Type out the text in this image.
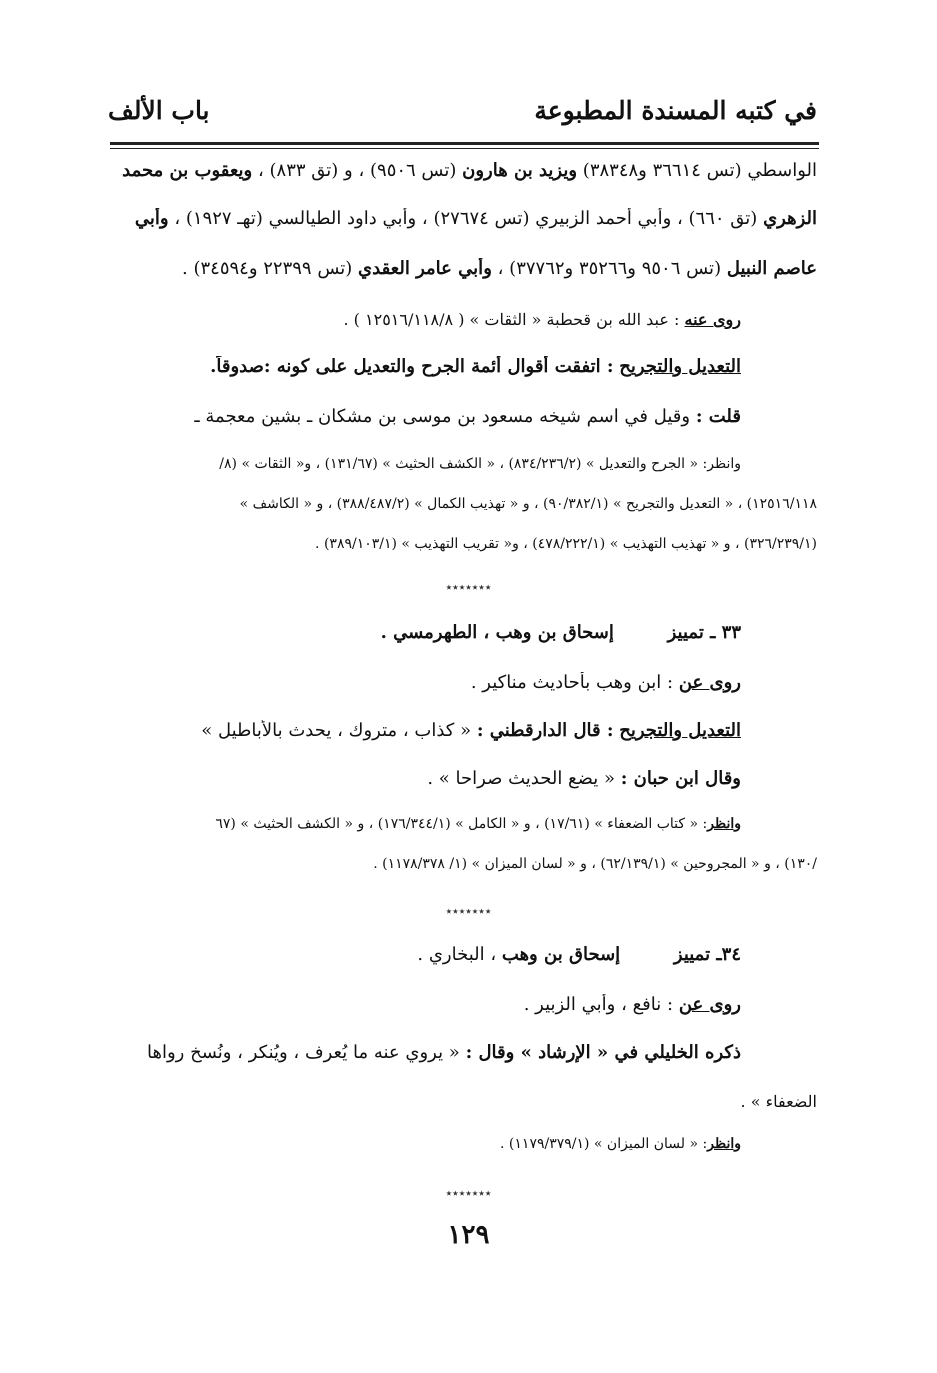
في كتبه المسندة المطبوعة
باب الألف
الواسطي (تس ٣٦٦١٤ و٣٨٣٤٨) ويزيد بن هارون (تس ٩٥٠٦) ، و (تق ٨٣٣) ، ويعقوب بن محمد
الزهري (تق ٦٦٠) ، وأبي أحمد الزبيري (تس ٢٧٦٧٤) ، وأبي داود الطيالسي (تهـ ١٩٢٧) ، وأبي
عاصم النبيل (تس ٩٥٠٦ و٣٥٢٦٦ و٣٧٧٦٢) ، وأبي عامر العقدي (تس ٢٢٣٩٩ و٣٤٥٩٤) .
روى عنه : عبد الله بن قحطبة « الثقات » ( ١٢٥١٦/١١٨/٨ ) .
التعديل والتجريح : اتفقت أقوال أئمة الجرح والتعديل على كونه :صدوقاً.
قلت : وقيل في اسم شيخه مسعود بن موسى بن مشكان ـ بشين معجمة ـ
وانظر: « الجرح والتعديل » (٨٣٤/٢٣٦/٢) ، « الكشف الحثيث » (١٣١/٦٧) ، و« الثقات » (٨/
١٢٥١٦/١١٨) ، « التعديل والتجريح » (٩٠/٣٨٢/١) ، و « تهذيب الكمال » (٣٨٨/٤٨٧/٢) ، و « الكاشف »
(٣٢٦/٢٣٩/١) ، و « تهذيب التهذيب » (٤٧٨/٢٢٢/١) ، و« تقريب التهذيب » (٣٨٩/١٠٣/١) .
٭٭٭٭٭٭٭
٣٣ ـ تمييز إسحاق بن وهب ، الطهرمسي .
روى عن : ابن وهب بأحاديث مناكير .
التعديل والتجريح : قال الدارقطني : « كذاب ، متروك ، يحدث بالأباطيل »
وقال ابن حبان : « يضع الحديث صراحا » .
وانظر: « كتاب الضعفاء » (١٧/٦١) ، و « الكامل » (١٧٦/٣٤٤/١) ، و « الكشف الحثيث » (٦٧
/١٣٠) ، و « المجروحين » (٦٢/١٣٩/١) ، و « لسان الميزان » (١/ ١١٧٨/٣٧٨) .
٭٭٭٭٭٭٭
٣٤ـ تمييز إسحاق بن وهب ، البخاري .
روى عن : نافع ، وأبي الزبير .
ذكره الخليلي في « الإرشاد » وقال : « يروي عنه ما يُعرف ، ويُنكر ، ونُسخ رواها
الضعفاء » .
وانظر: « لسان الميزان » (١١٧٩/٣٧٩/١) .
٭٭٭٭٭٭٭
١٢٩
